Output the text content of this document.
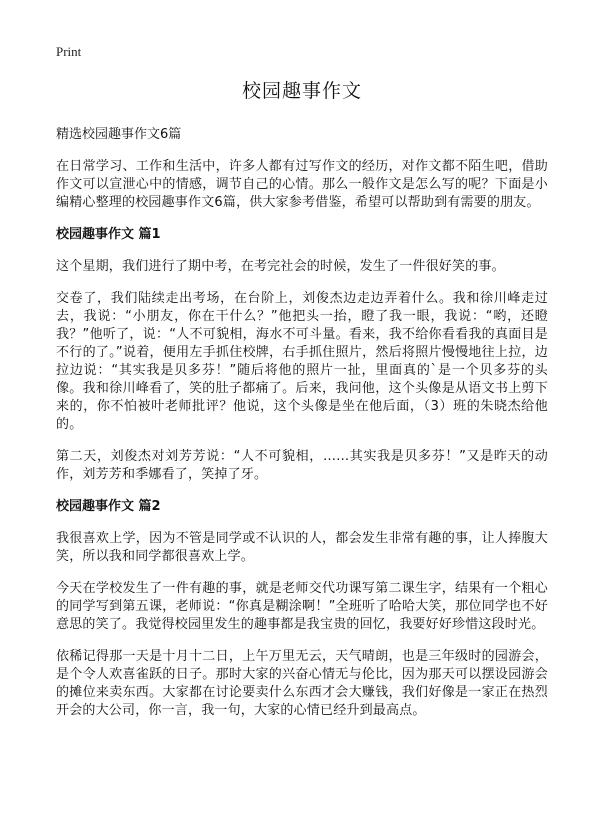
Print
校园趣事作文
精选校园趣事作文6篇

在日常学习、工作和生活中，许多人都有过写作文的经历，对作文都不陌生吧，借助作文可以宣泄心中的情感，调节自己的心情。那么一般作文是怎么写的呢？下面是小编精心整理的校园趣事作文6篇，供大家参考借鉴，希望可以帮助到有需要的朋友。

校园趣事作文 篇1

这个星期，我们进行了期中考，在考完社会的时候，发生了一件很好笑的事。

交卷了，我们陆续走出考场，在台阶上，刘俊杰边走边弄着什么。我和徐川峰走过去，我说：“小朋友，你在干什么？”他把头一抬，瞪了我一眼，我说：“哟，还瞪我？”他听了，说：“人不可貌相，海水不可斗量。看来，我不给你看看我的真面目是不行的了。”说着，便用左手抓住校牌，右手抓住照片，然后将照片慢慢地往上拉，边拉边说：“其实我是贝多芬！”随后将他的照片一扯，里面真的`是一个贝多芬的头像。我和徐川峰看了，笑的肚子都痛了。后来，我问他，这个头像是从语文书上剪下来的，你不怕被叶老师批评？他说，这个头像是坐在他后面，（3）班的朱晓杰给他的。

第二天，刘俊杰对刘芳芳说：“人不可貌相，……其实我是贝多芬！”又是昨天的动作，刘芳芳和季娜看了，笑掉了牙。

校园趣事作文 篇2

我很喜欢上学，因为不管是同学或不认识的人，都会发生非常有趣的事，让人捧腹大笑，所以我和同学都很喜欢上学。

今天在学校发生了一件有趣的事，就是老师交代功课写第二课生字，结果有一个粗心的同学写到第五课，老师说：“你真是糊涂啊！”全班听了哈哈大笑，那位同学也不好意思的笑了。我觉得校园里发生的趣事都是我宝贵的回忆，我要好好珍惜这段时光。

依稀记得那一天是十月十二日，上午万里无云，天气晴朗，也是三年级时的园游会，是个令人欢喜雀跃的日子。那时大家的兴奋心情无与伦比，因为那天可以摆设园游会的摊位来卖东西。大家都在讨论要卖什么东西才会大赚钱，我们好像是一家正在热烈开会的大公司，你一言，我一句，大家的心情已经升到最高点。
